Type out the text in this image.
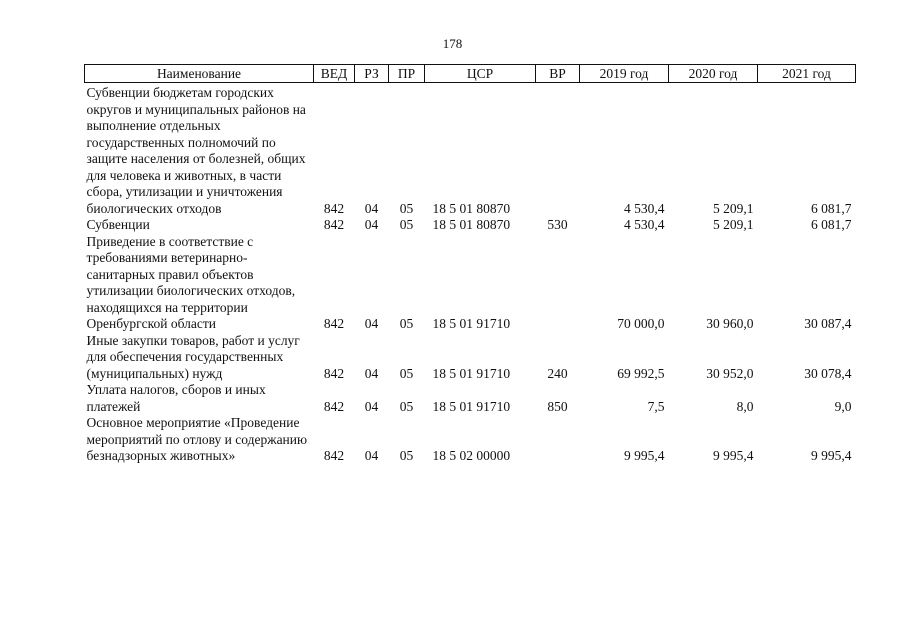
178
Наименование	ВЕД	РЗ	ПР	ЦСР	ВР	2019 год	2020 год	2021 год
Субвенции бюджетам городских округов и муниципальных районов на выполнение отдельных государственных полномочий по защите населения от болезней, общих для человека и животных, в части сбора, утилизации и уничтожения биологических отходов	842	04	05	18 5 01 80870		4 530,4	5 209,1	6 081,7
Субвенции	842	04	05	18 5 01 80870	530	4 530,4	5 209,1	6 081,7
Приведение в соответствие с требованиями ветеринарно-санитарных правил объектов утилизации биологических отходов, находящихся на территории Оренбургской области	842	04	05	18 5 01 91710		70 000,0	30 960,0	30 087,4
Иные закупки товаров, работ и услуг для обеспечения государственных (муниципальных) нужд	842	04	05	18 5 01 91710	240	69 992,5	30 952,0	30 078,4
Уплата налогов, сборов и иных платежей	842	04	05	18 5 01 91710	850	7,5	8,0	9,0
Основное мероприятие «Проведение мероприятий по отлову и содержанию безнадзорных животных»	842	04	05	18 5 02 00000		9 995,4	9 995,4	9 995,4
